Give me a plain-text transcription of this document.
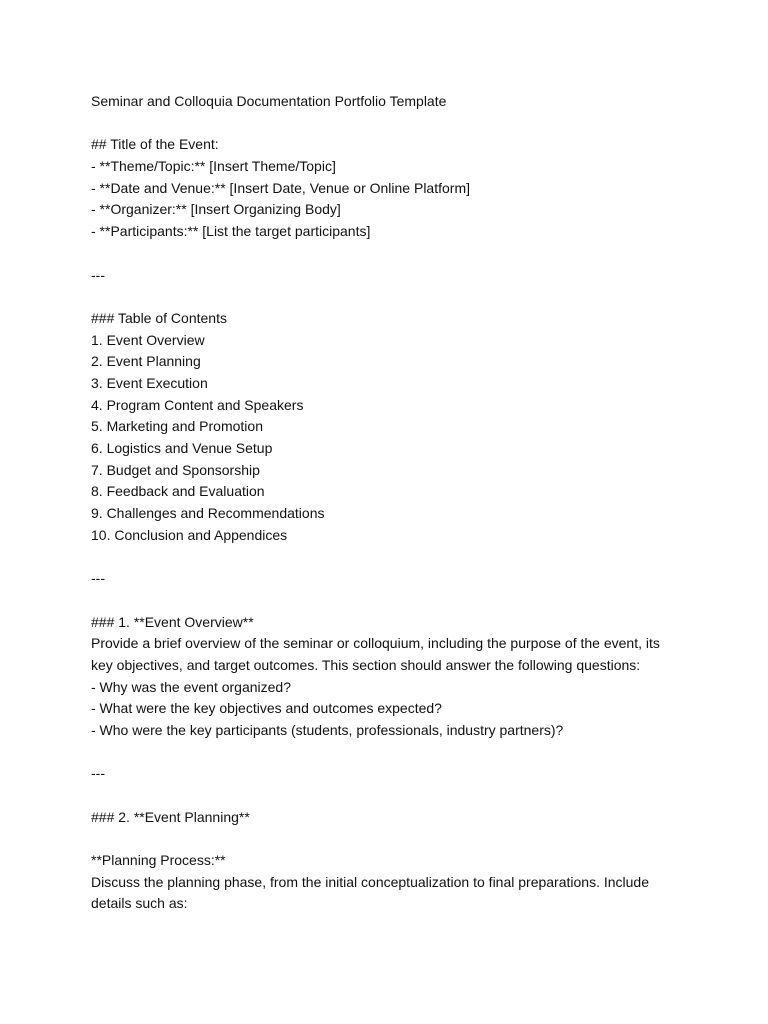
Seminar and Colloquia Documentation Portfolio Template
## Title of the Event:
- **Theme/Topic:** [Insert Theme/Topic]
- **Date and Venue:** [Insert Date, Venue or Online Platform]
- **Organizer:** [Insert Organizing Body]
- **Participants:** [List the target participants]
---
### Table of Contents
1. Event Overview
2. Event Planning
3. Event Execution
4. Program Content and Speakers
5. Marketing and Promotion
6. Logistics and Venue Setup
7. Budget and Sponsorship
8. Feedback and Evaluation
9. Challenges and Recommendations
10. Conclusion and Appendices
---
### 1. **Event Overview**
Provide a brief overview of the seminar or colloquium, including the purpose of the event, its
key objectives, and target outcomes. This section should answer the following questions:
- Why was the event organized?
- What were the key objectives and outcomes expected?
- Who were the key participants (students, professionals, industry partners)?
---
### 2. **Event Planning**
**Planning Process:**
Discuss the planning phase, from the initial conceptualization to final preparations. Include
details such as:
